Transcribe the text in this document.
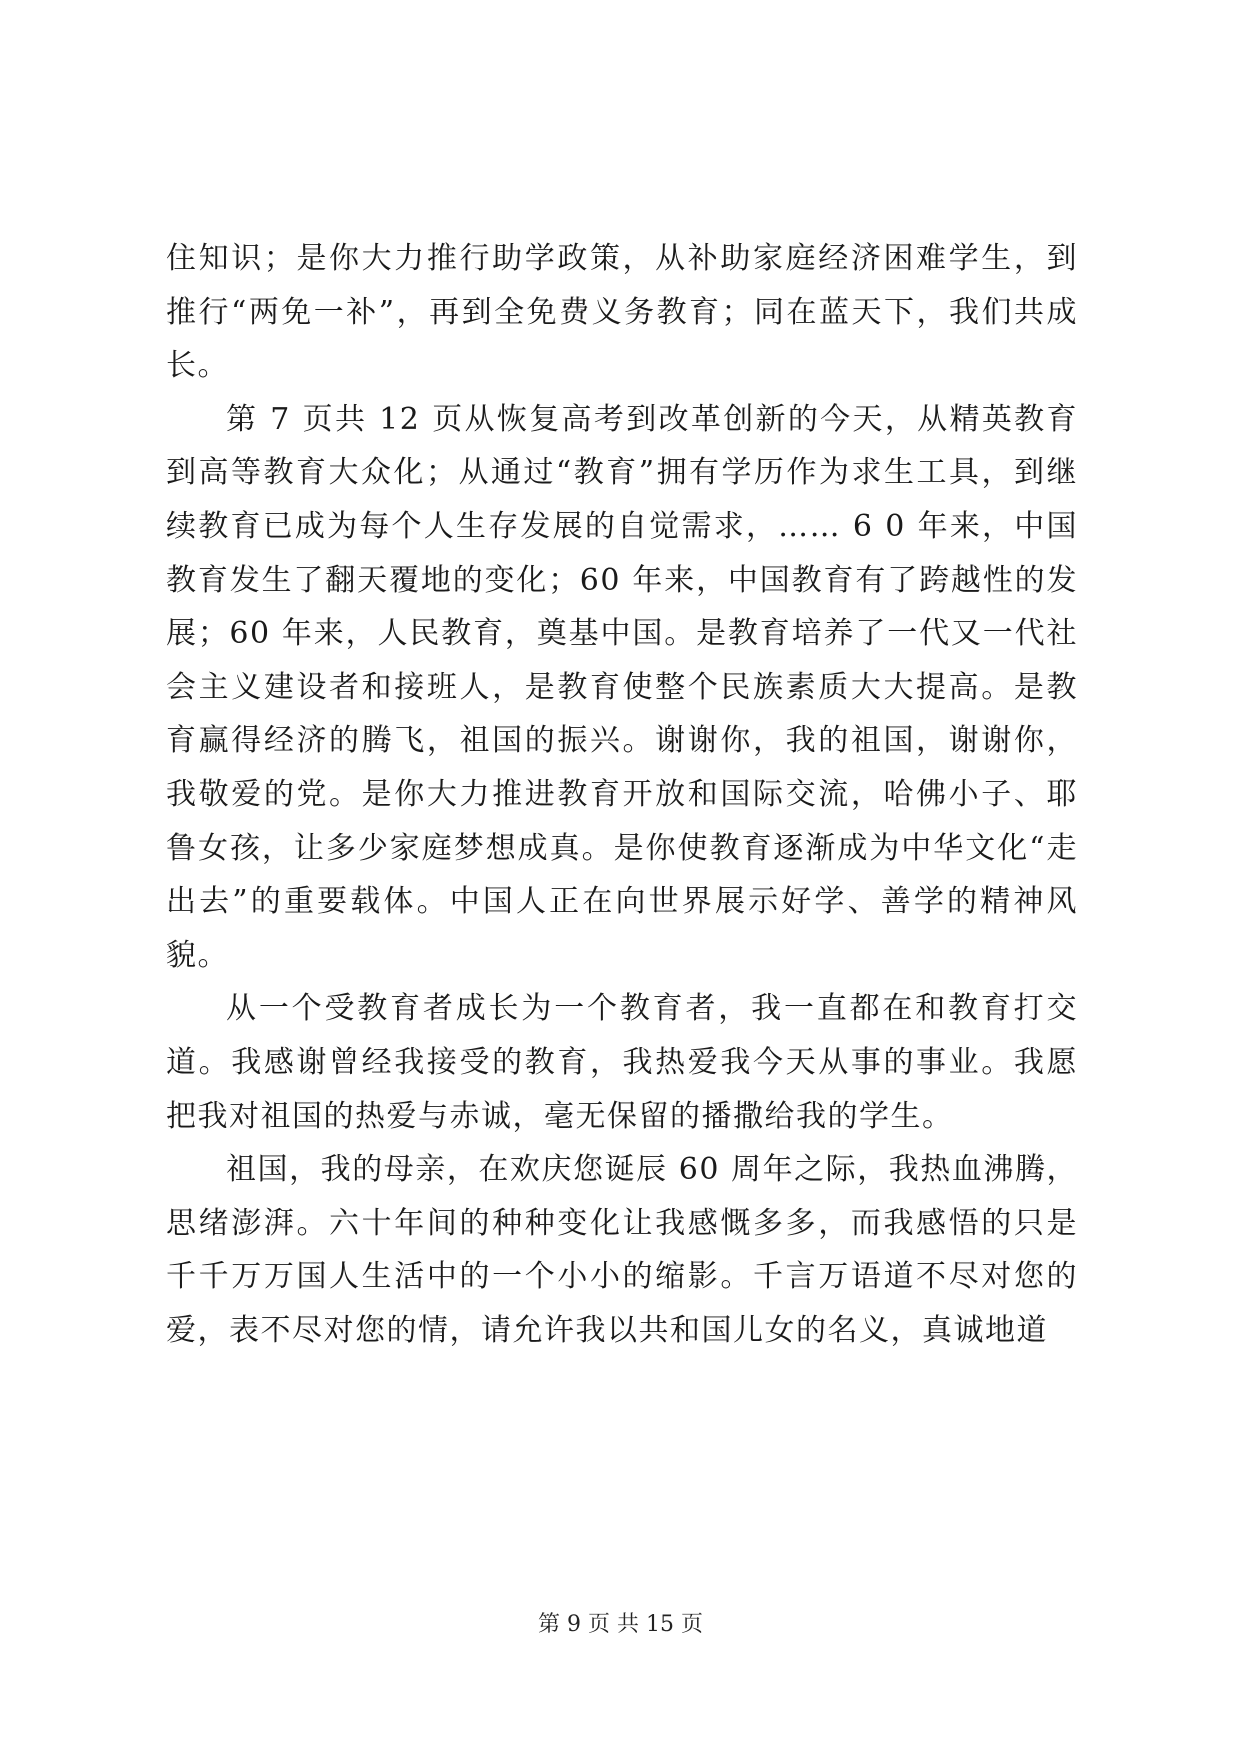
住知识；是你大力推行助学政策，从补助家庭经济困难学生，到推行“两免一补”，再到全免费义务教育；同在蓝天下，我们共成长。

第 7 页共 12 页从恢复高考到改革创新的今天，从精英教育到高等教育大众化；从通过“教育”拥有学历作为求生工具，到继续教育已成为每个人生存发展的自觉需求，…… 6 0 年来，中国教育发生了翻天覆地的变化；60 年来，中国教育有了跨越性的发展；60 年来，人民教育，奠基中国。是教育培养了一代又一代社会主义建设者和接班人，是教育使整个民族素质大大提高。是教育赢得经济的腾飞，祖国的振兴。谢谢你，我的祖国，谢谢你，我敬爱的党。是你大力推进教育开放和国际交流，哈佛小子、耶鲁女孩，让多少家庭梦想成真。是你使教育逐渐成为中华文化“走出去”的重要载体。中国人正在向世界展示好学、善学的精神风貌。

从一个受教育者成长为一个教育者，我一直都在和教育打交道。我感谢曾经我接受的教育，我热爱我今天从事的事业。我愿把我对祖国的热爱与赤诚，毫无保留的播撒给我的学生。

祖国，我的母亲，在欢庆您诞辰 60 周年之际，我热血沸腾，思绪澎湃。六十年间的种种变化让我感慨多多，而我感悟的只是千千万万国人生活中的一个小小的缩影。千言万语道不尽对您的爱，表不尽对您的情，请允许我以共和国儿女的名义，真诚地道

第 9 页 共 15 页
